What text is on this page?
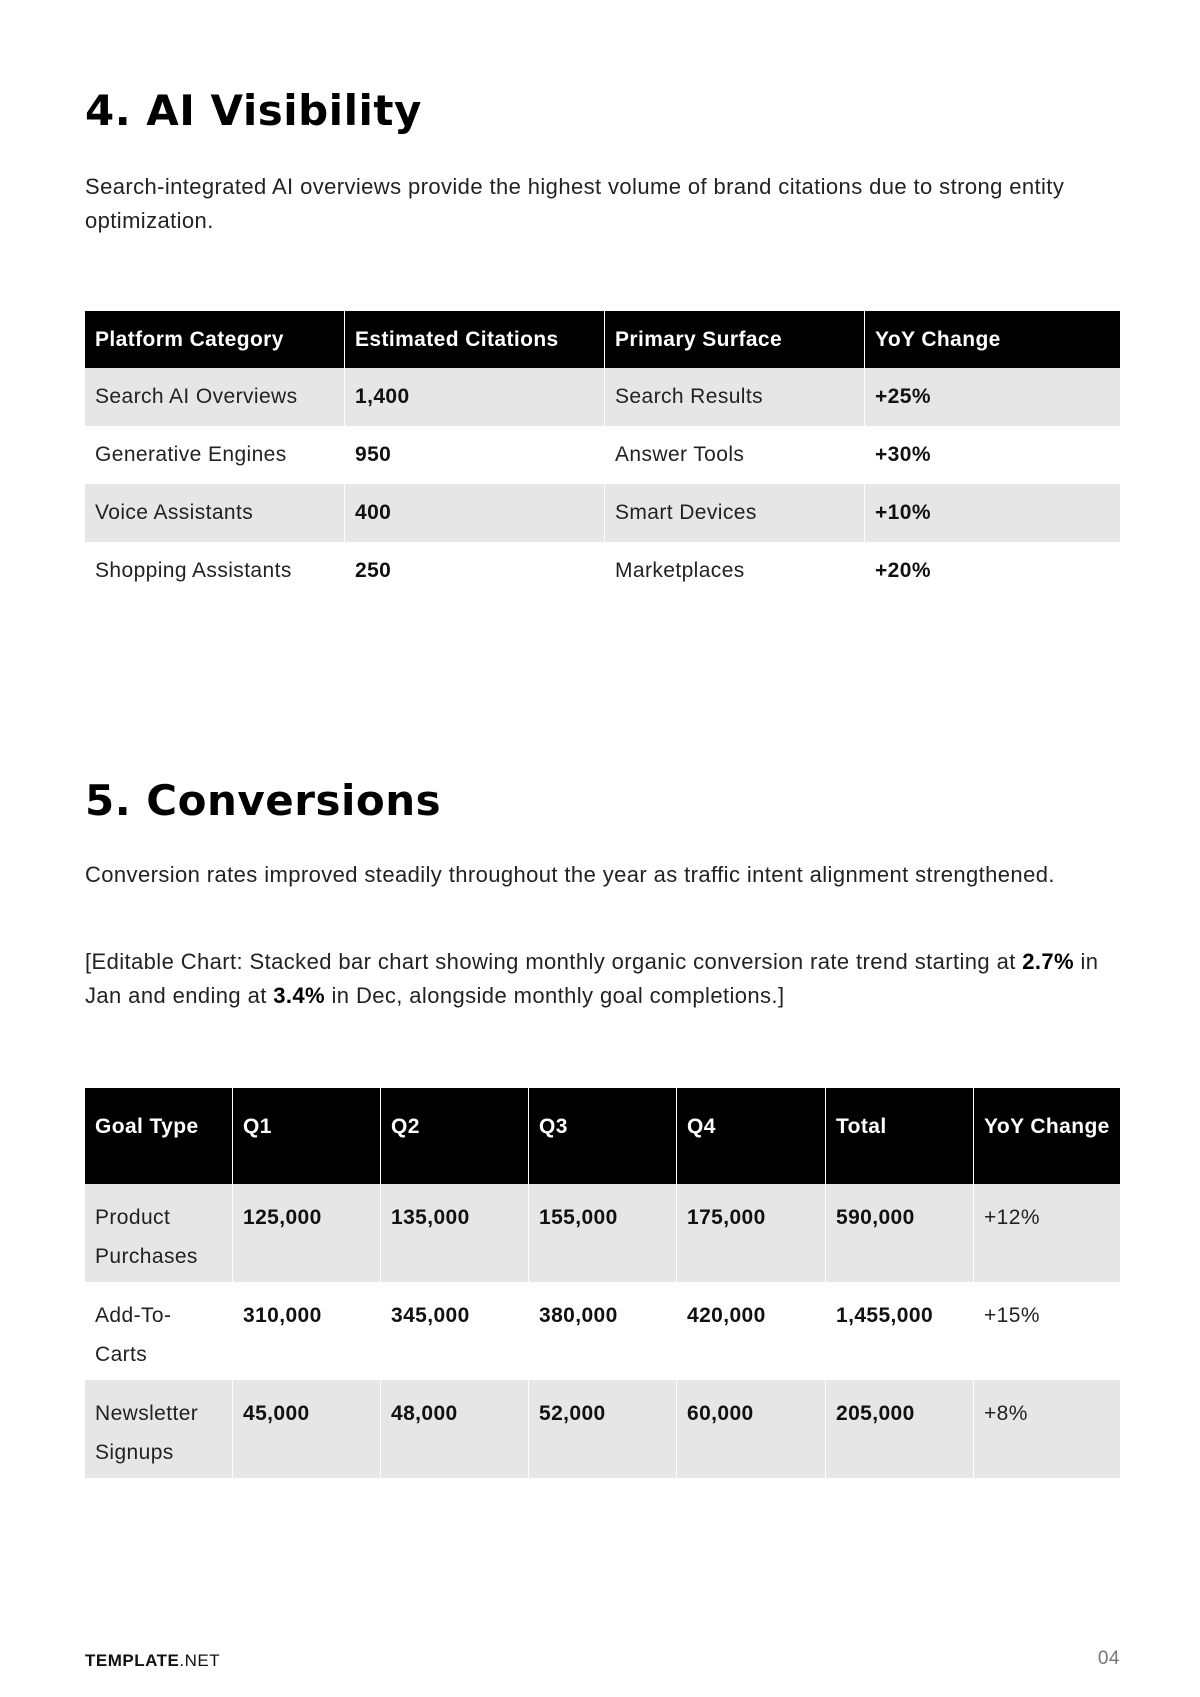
4. AI Visibility

Search-integrated AI overviews provide the highest volume of brand citations due to strong entity optimization.

Platform Category	Estimated Citations	Primary Surface	YoY Change
Search AI Overviews	1,400	Search Results	+25%
Generative Engines	950	Answer Tools	+30%
Voice Assistants	400	Smart Devices	+10%
Shopping Assistants	250	Marketplaces	+20%
5. Conversions

Conversion rates improved steadily throughout the year as traffic intent alignment strengthened.

[Editable Chart: Stacked bar chart showing monthly organic conversion rate trend starting at 2.7% in Jan and ending at 3.4% in Dec, alongside monthly goal completions.]

Goal Type	Q1	Q2	Q3	Q4	Total	YoY Change
Product Purchases	125,000	135,000	155,000	175,000	590,000	+12%
Add-To-Carts	310,000	345,000	380,000	420,000	1,455,000	+15%
Newsletter Signups	45,000	48,000	52,000	60,000	205,000	+8%
TEMPLATE.NET	04
